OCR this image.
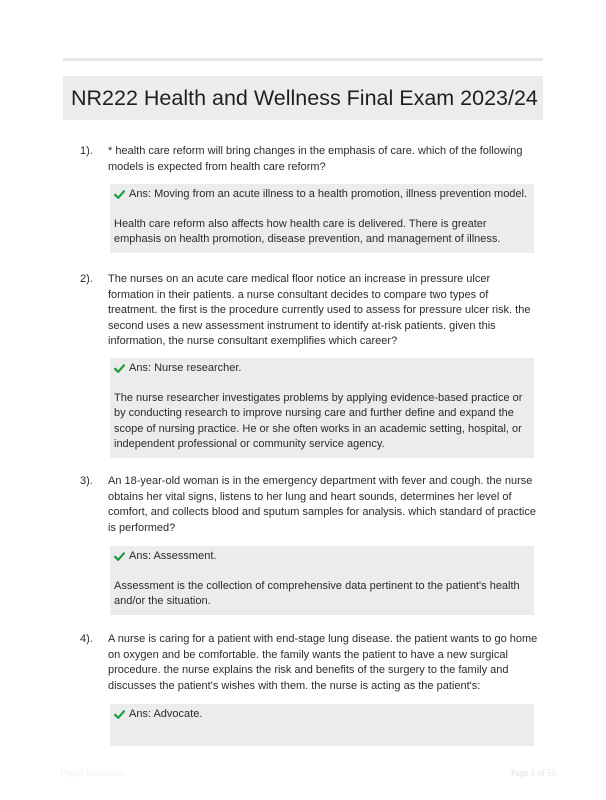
NR222 Health and Wellness Final Exam 2023/24
1). * health care reform will bring changes in the emphasis of care. which of the following models is expected from health care reform?
Ans: Moving from an acute illness to a health promotion, illness prevention model.
Health care reform also affects how health care is delivered. There is greater emphasis on health promotion, disease prevention, and management of illness.
2). The nurses on an acute care medical floor notice an increase in pressure ulcer formation in their patients. a nurse consultant decides to compare two types of treatment. the first is the procedure currently used to assess for pressure ulcer risk. the second uses a new assessment instrument to identify at-risk patients. given this information, the nurse consultant exemplifies which career?
Ans: Nurse researcher.
The nurse researcher investigates problems by applying evidence-based practice or by conducting research to improve nursing care and further define and expand the scope of nursing practice. He or she often works in an academic setting, hospital, or independent professional or community service agency.
3). An 18-year-old woman is in the emergency department with fever and cough. the nurse obtains her vital signs, listens to her lung and heart sounds, determines her level of comfort, and collects blood and sputum samples for analysis. which standard of practice is performed?
Ans: Assessment.
Assessment is the collection of comprehensive data pertinent to the patient's health and/or the situation.
4). A nurse is caring for a patient with end-stage lung disease. the patient wants to go home on oxygen and be comfortable. the family wants the patient to have a new surgical procedure. the nurse explains the risk and benefits of the surgery to the family and discusses the patient's wishes with them. the nurse is acting as the patient's:
Ans: Advocate.
Paper Idhic.com	Page 1 of 55
